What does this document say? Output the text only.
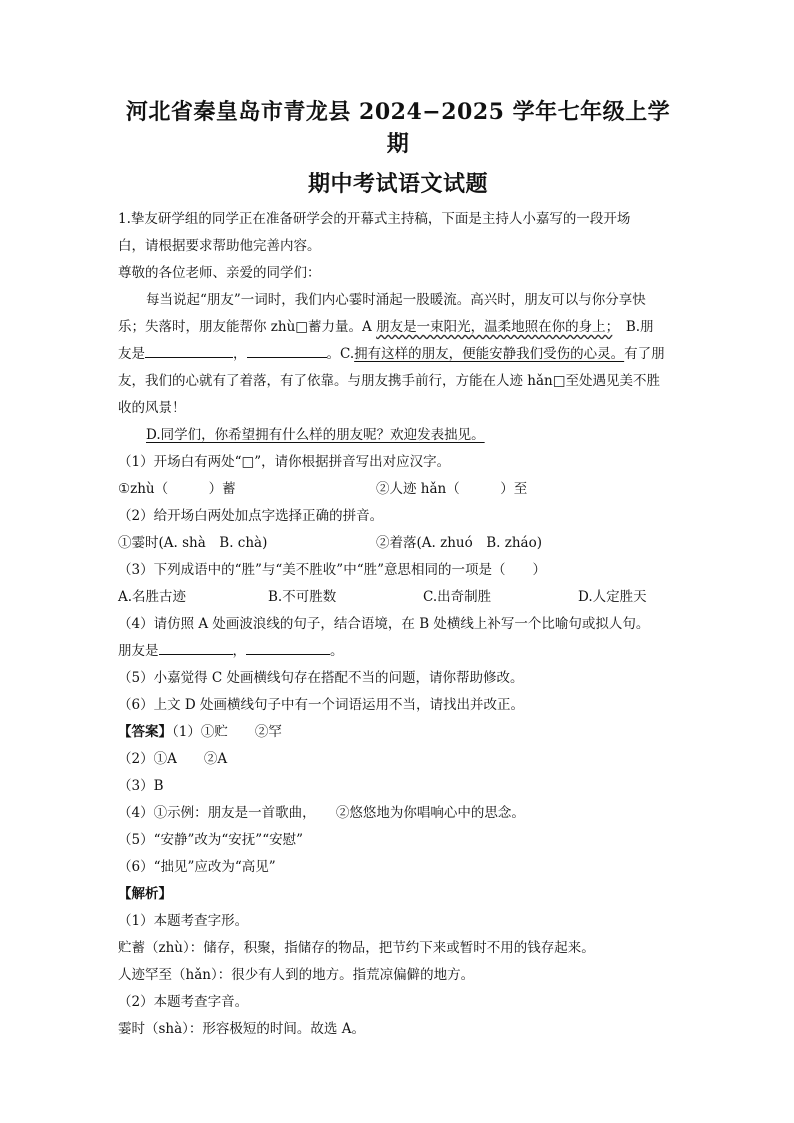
河北省秦皇岛市青龙县 2024−2025 学年七年级上学期

期中考试语文试题

1.挚友研学组的同学正在准备研学会的开幕式主持稿，下面是主持人小嘉写的一段开场

白，请根据要求帮助他完善内容。

尊敬的各位老师、亲爱的同学们：

每当说起“朋友”一词时，我们内心霎时涌起一股暖流。高兴时，朋友可以与你分享快

乐；失落时，朋友能帮你 zhù□蓄力量。A 朋友是一束阳光，温柔地照在你的身上；　B.朋

友是	，	。C.拥有这样的朋友，便能安静我们受伤的心灵。有了朋

友，我们的心就有了着落，有了依靠。与朋友携手前行，方能在人迹 hǎn□至处遇见美不胜

收的风景！

D.同学们，你希望拥有什么样的朋友呢？欢迎发表拙见。

（1）开场白有两处“□”，请你根据拼音写出对应汉字。

①zhù（　　　）蓄	②人迹 hǎn（　　　）至

（2）给开场白两处加点字选择正确的拼音。

①霎时(A. shà　B. chà)	②着落(A. zhuó　B. zháo)

（3）下列成语中的“胜”与“美不胜收”中“胜”意思相同的一项是（　　）

A.名胜古迹	B.不可胜数	C.出奇制胜	D.人定胜天

（4）请仿照 A 处画波浪线的句子，结合语境，在 B 处横线上补写一个比喻句或拟人句。

朋友是	，	。

（5）小嘉觉得 C 处画横线句存在搭配不当的问题，请你帮助修改。

（6）上文 D 处画横线句子中有一个词语运用不当，请找出并改正。

【答案】（1）①贮　　②罕

（2）①A　　②A

（3）B

（4）①示例：朋友是一首歌曲，　　②悠悠地为你唱响心中的思念。

（5）“安静”改为“安抚”“安慰”

（6）“拙见”应改为“高见”

【解析】

（1）本题考查字形。

贮蓄（zhù）：储存，积聚，指储存的物品，把节约下来或暂时不用的钱存起来。

人迹罕至（hǎn）：很少有人到的地方。指荒凉偏僻的地方。

（2）本题考查字音。

霎时（shà）：形容极短的时间。故选 A。
